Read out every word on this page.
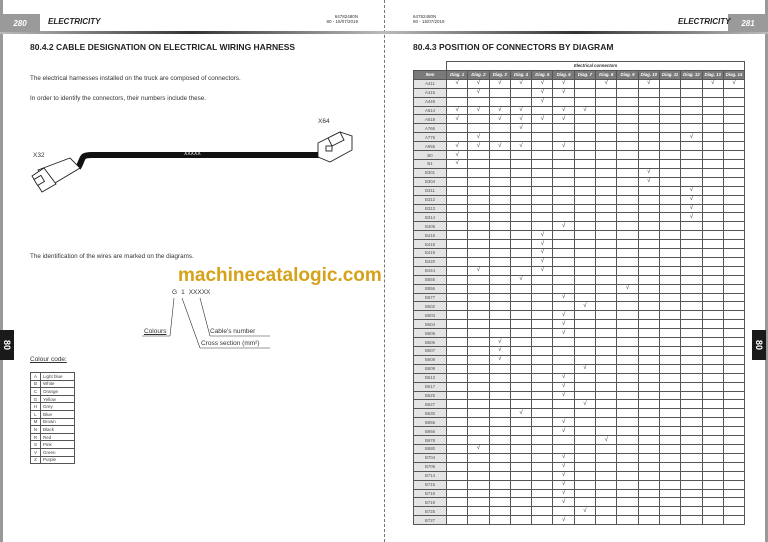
280	ELECTRICITY
64782480N
80 - 15/07/2019
80.4.2 CABLE DESIGNATION ON ELECTRICAL WIRING HARNESS
The electrical harnesses installed on the truck are composed of connectors.
In order to identify the connectors, their numbers include these.
X32
X64
XXXXX
The identification of the wires are marked on the diagrams.
G 1 XXXXX
Colours	Cable's number
Cross section (mm²)
Colour code:
A	Light blue
B	White
C	Orange
G	Yellow
H	Grey
L	Blue
M	Brown
N	Black
R	Red
S	Pink
V	Green
Z	Purple
80
281
ELECTRICITY
64782480N
80 - 15/07/2019
80.4.3 POSITION OF CONNECTORS BY DIAGRAM
	Electrical connectors													
Item	Diag. 1	Diag. 2	Diag. 3	Diag. 4	Diag. 5	Diag. 6	Diag. 7	Diag. 8	Diag. 9	Diag. 10	Diag. 11	Diag. 12	Diag. 13	Diag. 14
A411	√	√	√	√	√	√		√		√			√	√
A415		√			√	√								
A449					√									
A614	√	√	√	√		√	√							
A618	√		√	√	√	√								
A766				√										
A775		√										√		
A955	√	√	√	√		√								
B0	√													
B1	√													
B301										√				
B304										√				
B311												√		
B312												√		
B313												√		
B314												√		
B405						√								
B416					√									
B418					√									
B419					√									
B420					√									
B444		√			√									
B555				√										
B556									√					
B577						√								
B602							√							
B603						√								
B604						√								
B605						√								
B606			√											
B607			√											
B608			√											
B609							√							
B613						√								
B617						√								
B625						√								
B627							√							
B630				√										
B656						√								
B666						√								
B678								√						
B680		√												
B704						√								
B705						√								
B714						√								
B715						√								
B718						√								
B719						√								
B725							√							
B727						√								
80
machinecatalogic.com
